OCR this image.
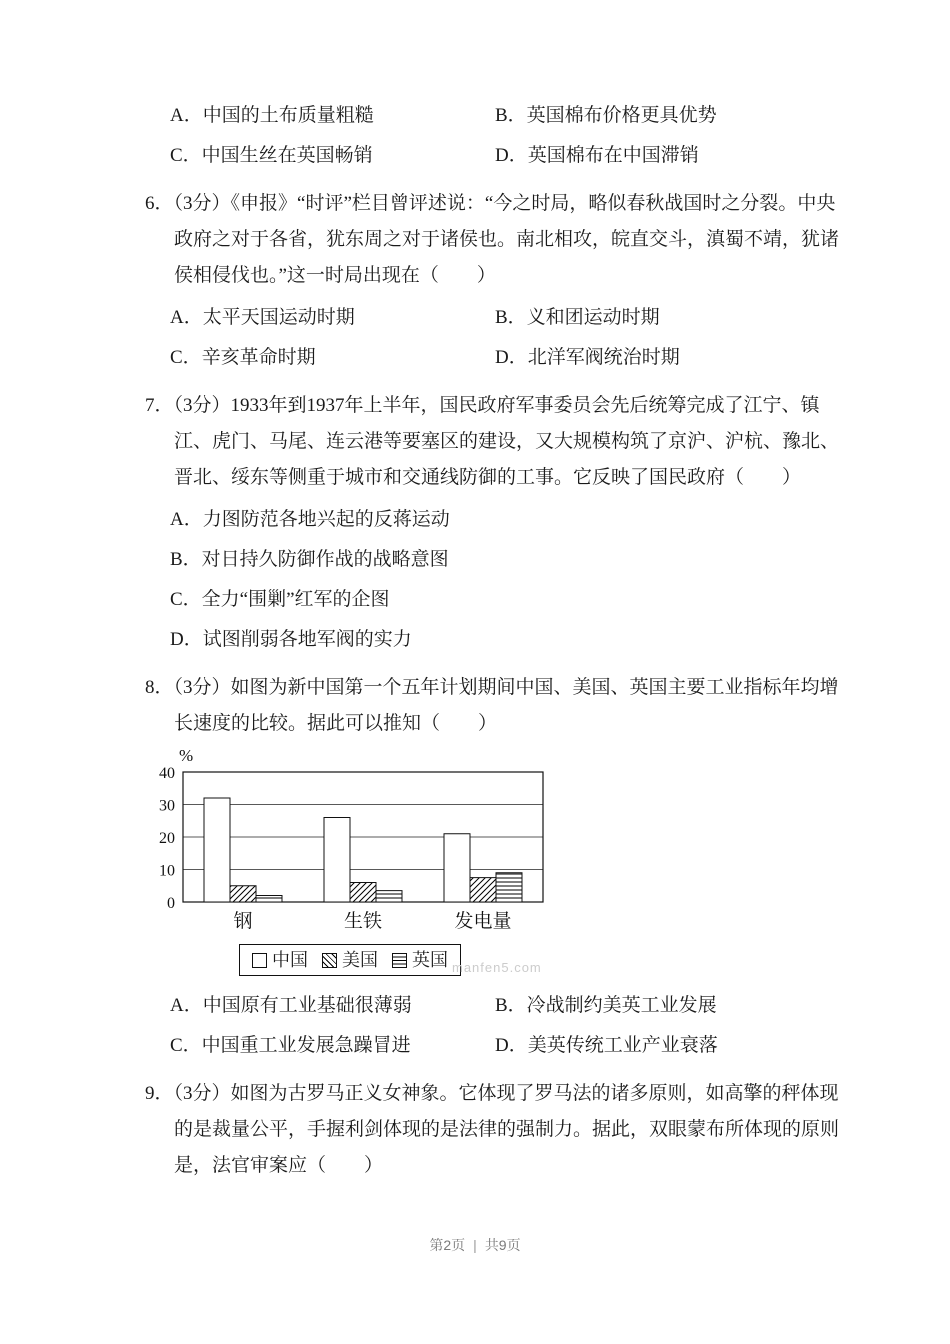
A．中国的土布质量粗糙	B．英国棉布价格更具优势
C．中国生丝在英国畅销	D．英国棉布在中国滞销

6．（3分）《申报》“时评”栏目曾评述说：“今之时局，略似春秋战国时之分裂。中央政府之对于各省，犹东周之对于诸侯也。南北相攻，皖直交斗，滇蜀不靖，犹诸侯相侵伐也。”这一时局出现在（　　）

A．太平天国运动时期	B．义和团运动时期
C．辛亥革命时期	D．北洋军阀统治时期

7．（3分）1933年到1937年上半年，国民政府军事委员会先后统筹完成了江宁、镇江、虎门、马尾、连云港等要塞区的建设，又大规模构筑了京沪、沪杭、豫北、晋北、绥东等侧重于城市和交通线防御的工事。它反映了国民政府（　　）

A．力图防范各地兴起的反蒋运动
B．对日持久防御作战的战略意图
C．全力“围剿”红军的企图
D．试图削弱各地军阀的实力

8．（3分）如图为新中国第一个五年计划期间中国、美国、英国主要工业指标年均增长速度的比较。据此可以推知（　　）

0
10
20
30
40
钢	生铁	发电量
%
中国 美国 英国
A．中国原有工业基础很薄弱	B．冷战制约美英工业发展
C．中国重工业发展急躁冒进	D．美英传统工业产业衰落

9．（3分）如图为古罗马正义女神象。它体现了罗马法的诸多原则，如高擎的秤体现的是裁量公平，手握利剑体现的是法律的强制力。据此，双眼蒙布所体现的原则是，法官审案应（　　）

manfen5.com
第2页 | 共9页
